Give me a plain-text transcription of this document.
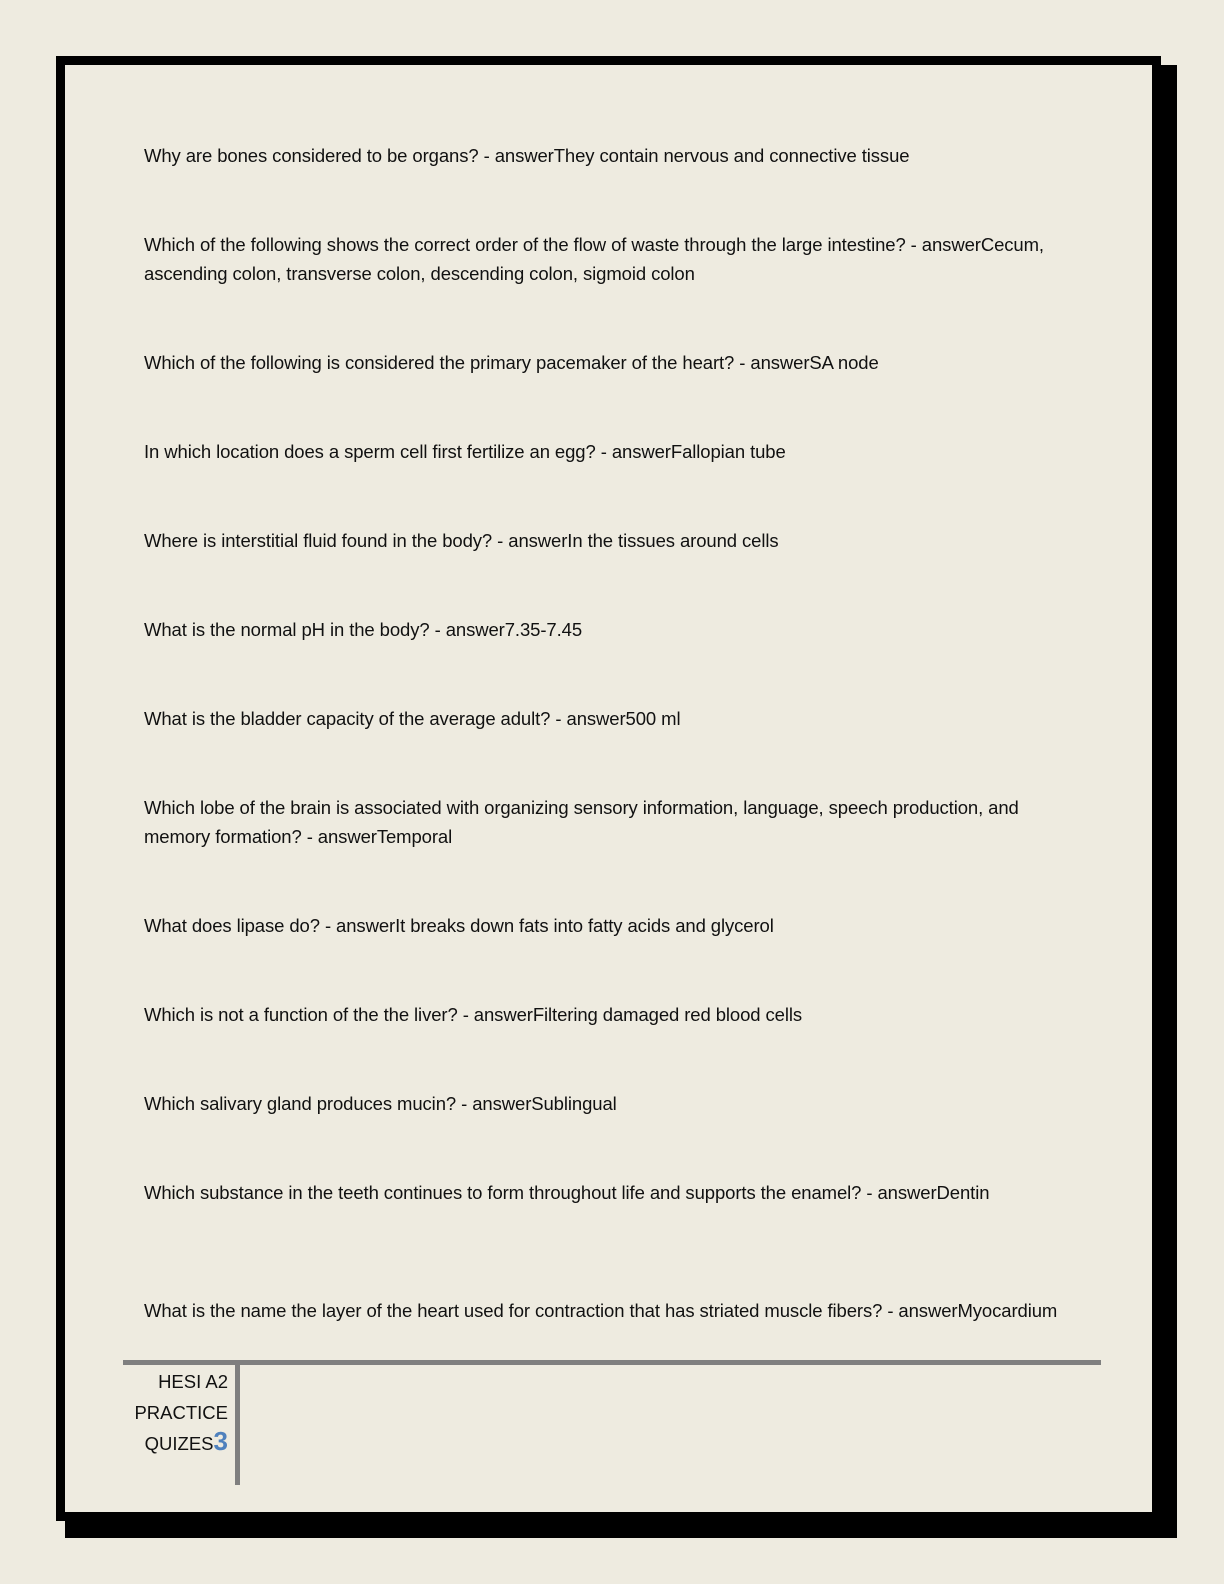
Why are bones considered to be organs? - answerThey contain nervous and connective tissue
Which of the following shows the correct order of the flow of waste through the large intestine? - answerCecum, ascending colon, transverse colon, descending colon, sigmoid colon
Which of the following is considered the primary pacemaker of the heart? - answerSA node
In which location does a sperm cell first fertilize an egg? - answerFallopian tube
Where is interstitial fluid found in the body? - answerIn the tissues around cells
What is the normal pH in the body? - answer7.35-7.45
What is the bladder capacity of the average adult? - answer500 ml
Which lobe of the brain is associated with organizing sensory information, language, speech production, and memory formation? - answerTemporal
What does lipase do? - answerIt breaks down fats into fatty acids and glycerol
Which is not a function of the the liver? - answerFiltering damaged red blood cells
Which salivary gland produces mucin? - answerSublingual
Which substance in the teeth continues to form throughout life and supports the enamel? - answerDentin
What is the name the layer of the heart used for contraction that has striated muscle fibers? - answerMyocardium
HESI A2
PRACTICE
QUIZES3
